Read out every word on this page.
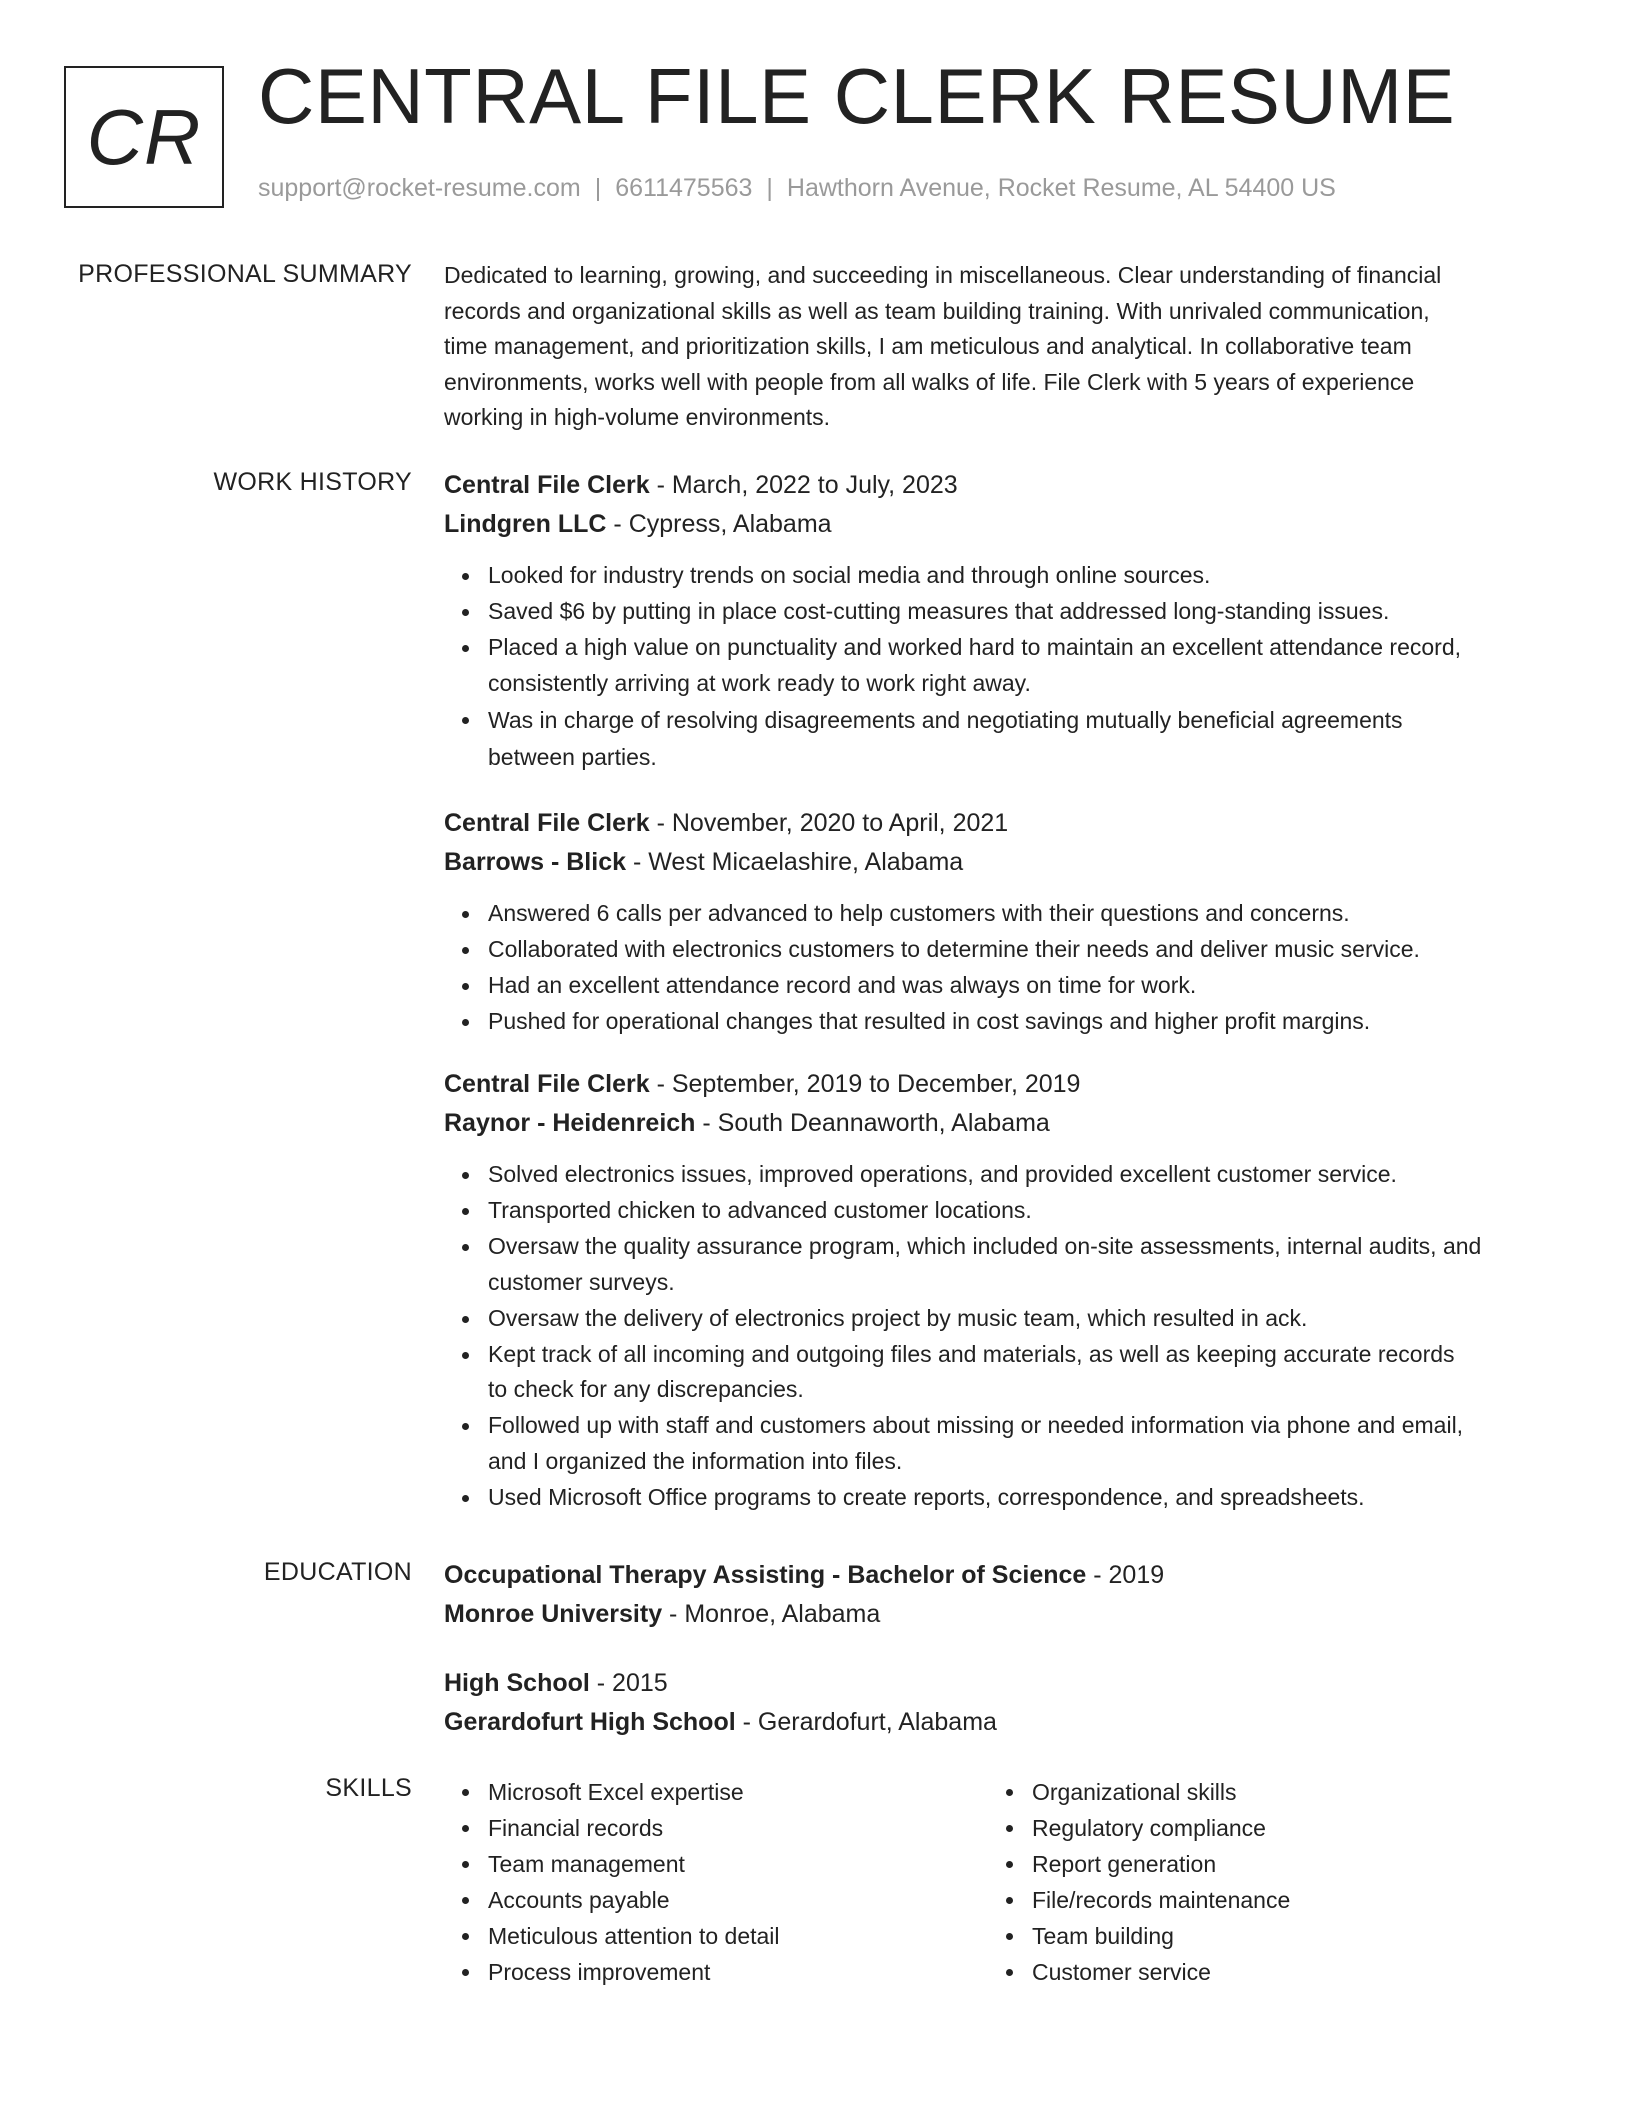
CR CENTRAL FILE CLERK RESUME
support@rocket-resume.com | 6611475563 | Hawthorn Avenue, Rocket Resume, AL 54400 US
PROFESSIONAL SUMMARY Dedicated to learning, growing, and succeeding in miscellaneous. Clear understanding of financial
records and organizational skills as well as team building training. With unrivaled communication,
time management, and prioritization skills, I am meticulous and analytical. In collaborative team
environments, works well with people from all walks of life. File Clerk with 5 years of experience
working in high-volume environments.

WORK HISTORY Central File Clerk - March, 2022 to July, 2023

Lindgren LLC - Cypress, Alabama

Looked for industry trends on social media and through online sources.
Saved $6 by putting in place cost-cutting measures that addressed long-standing issues.
Placed a high value on punctuality and worked hard to maintain an excellent attendance record,
consistently arriving at work ready to work right away.
Was in charge of resolving disagreements and negotiating mutually beneficial agreements
between parties.

Central File Clerk - November, 2020 to April, 2021

Barrows - Blick - West Micaelashire, Alabama

Answered 6 calls per advanced to help customers with their questions and concerns.
Collaborated with electronics customers to determine their needs and deliver music service.
Had an excellent attendance record and was always on time for work.
Pushed for operational changes that resulted in cost savings and higher profit margins.

Central File Clerk - September, 2019 to December, 2019

Raynor - Heidenreich - South Deannaworth, Alabama

Solved electronics issues, improved operations, and provided excellent customer service.
Transported chicken to advanced customer locations.
Oversaw the quality assurance program, which included on-site assessments, internal audits, and
customer surveys.
Oversaw the delivery of electronics project by music team, which resulted in ack.
Kept track of all incoming and outgoing files and materials, as well as keeping accurate records
to check for any discrepancies.
Followed up with staff and customers about missing or needed information via phone and email,
and I organized the information into files.
Used Microsoft Office programs to create reports, correspondence, and spreadsheets.
EDUCATION Occupational Therapy Assisting - Bachelor of Science - 2019

Monroe University - Monroe, Alabama

High School - 2015

Gerardofurt High School - Gerardofurt, Alabama

SKILLS	Microsoft Excel expertise
Financial records
Team management
Accounts payable
Meticulous attention to detail
Process improvement
Organizational skills
Regulatory compliance
Report generation
File/records maintenance
Team building
Customer service
